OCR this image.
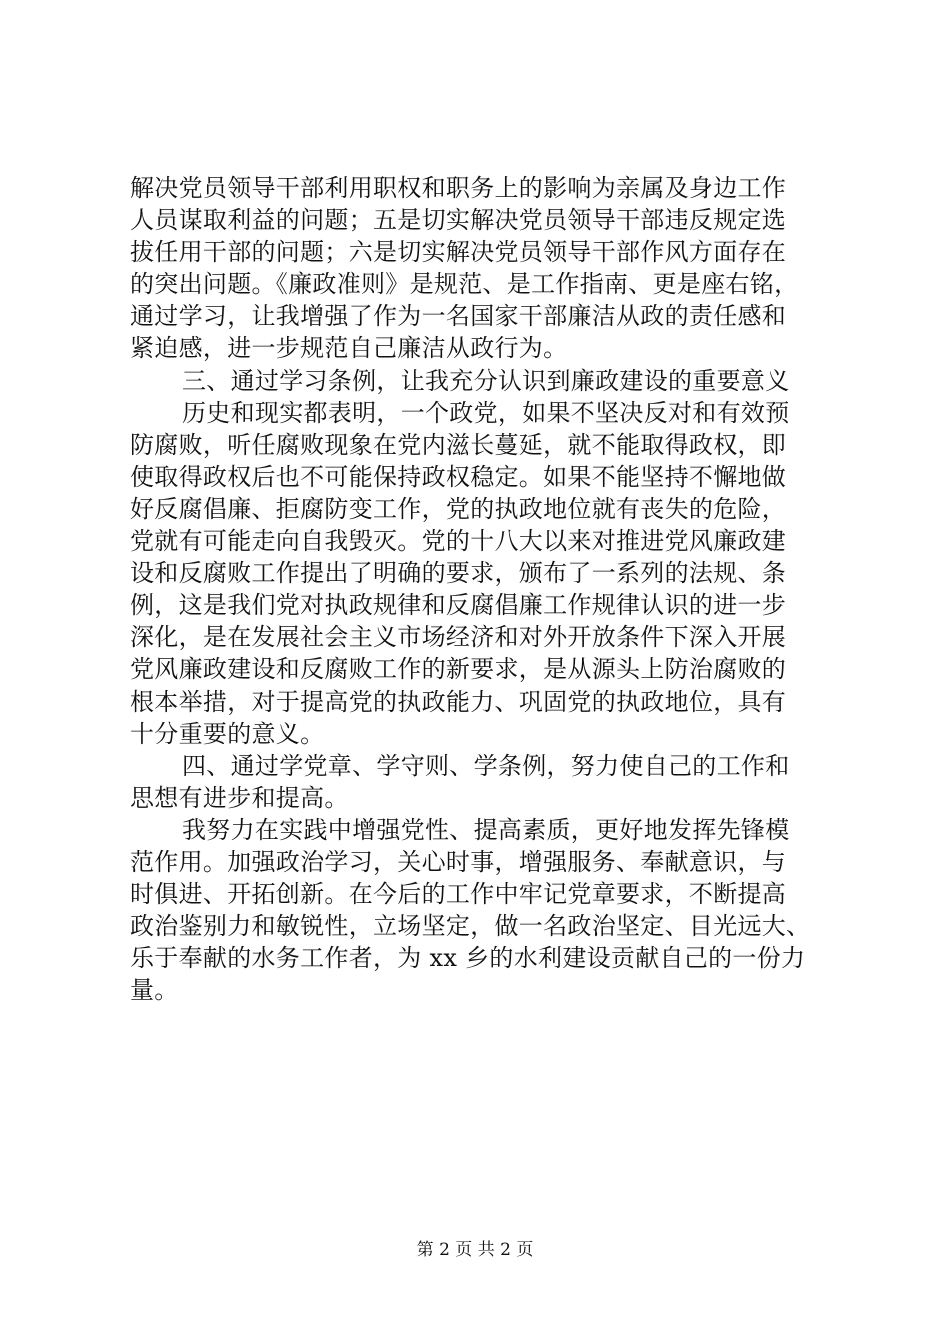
解决党员领导干部利用职权和职务上的影响为亲属及身边工作
人员谋取利益的问题；五是切实解决党员领导干部违反规定选
拔任用干部的问题；六是切实解决党员领导干部作风方面存在
的突出问题。《廉政准则》是规范、是工作指南、更是座右铭，
通过学习，让我增强了作为一名国家干部廉洁从政的责任感和
紧迫感，进一步规范自己廉洁从政行为。
三、通过学习条例，让我充分认识到廉政建设的重要意义
历史和现实都表明，一个政党，如果不坚决反对和有效预
防腐败，听任腐败现象在党内滋长蔓延，就不能取得政权，即
使取得政权后也不可能保持政权稳定。如果不能坚持不懈地做
好反腐倡廉、拒腐防变工作，党的执政地位就有丧失的危险，
党就有可能走向自我毁灭。党的十八大以来对推进党风廉政建
设和反腐败工作提出了明确的要求，颁布了一系列的法规、条
例，这是我们党对执政规律和反腐倡廉工作规律认识的进一步
深化，是在发展社会主义市场经济和对外开放条件下深入开展
党风廉政建设和反腐败工作的新要求，是从源头上防治腐败的
根本举措，对于提高党的执政能力、巩固党的执政地位，具有
十分重要的意义。
四、通过学党章、学守则、学条例，努力使自己的工作和
思想有进步和提高。
我努力在实践中增强党性、提高素质，更好地发挥先锋模
范作用。加强政治学习，关心时事，增强服务、奉献意识，与
时俱进、开拓创新。在今后的工作中牢记党章要求，不断提高
政治鉴别力和敏锐性，立场坚定，做一名政治坚定、目光远大、
乐于奉献的水务工作者，为 xx 乡的水利建设贡献自己的一份力
量。
第 2 页 共 2 页
